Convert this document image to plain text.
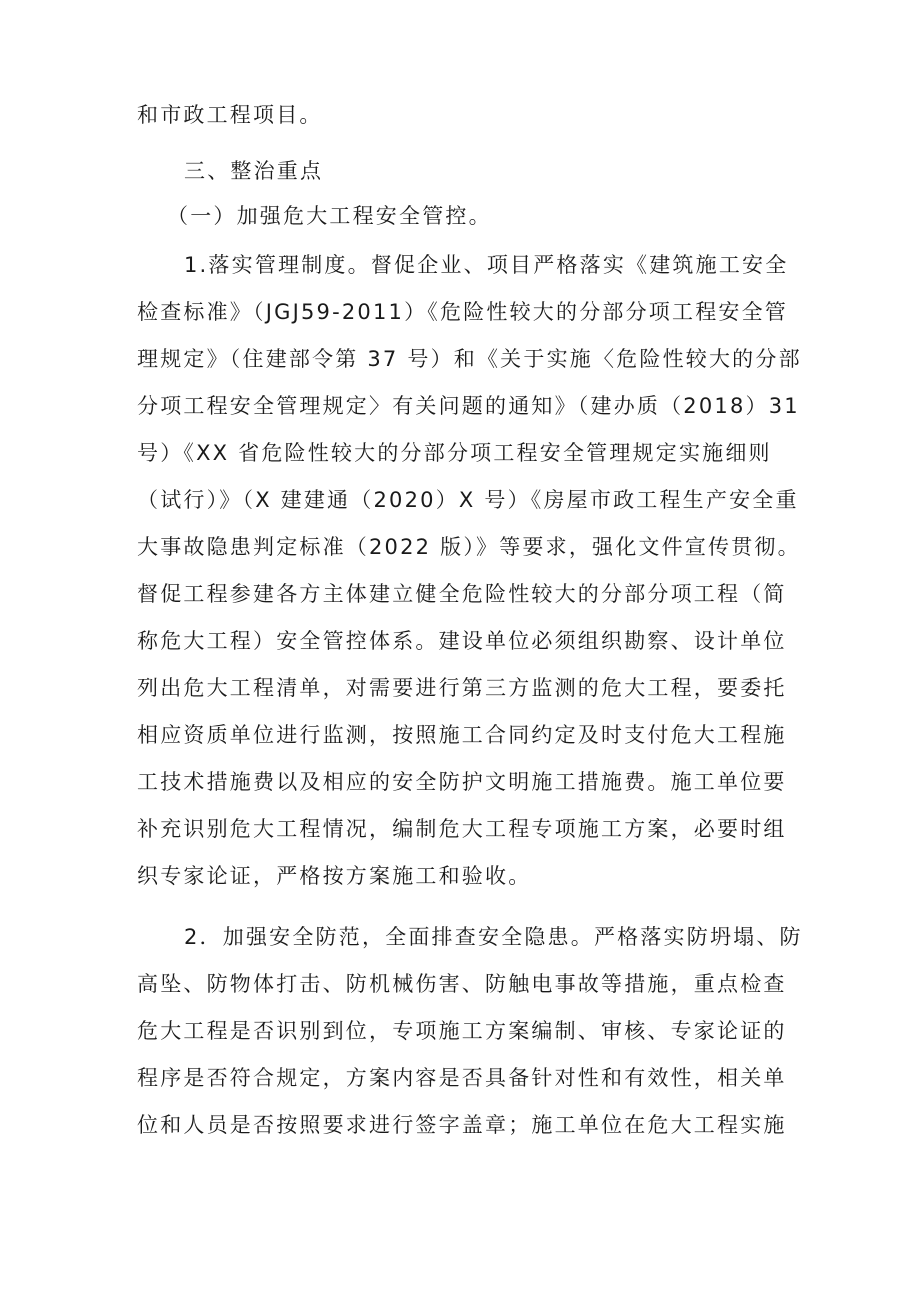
和市政工程项目。
三、整治重点
（一）加强危大工程安全管控。
1.落实管理制度。督促企业、项目严格落实《建筑施工安全
检查标准》（JGJ59-2011）《危险性较大的分部分项工程安全管
理规定》（住建部令第 37 号）和《关于实施〈危险性较大的分部
分项工程安全管理规定〉有关问题的通知》（建办质（2018）31
号）《XX 省危险性较大的分部分项工程安全管理规定实施细则
（试行）》（X 建建通（2020）X 号）《房屋市政工程生产安全重
大事故隐患判定标准（2022 版）》等要求，强化文件宣传贯彻。
督促工程参建各方主体建立健全危险性较大的分部分项工程（简
称危大工程）安全管控体系。建设单位必须组织勘察、设计单位
列出危大工程清单，对需要进行第三方监测的危大工程，要委托
相应资质单位进行监测，按照施工合同约定及时支付危大工程施
工技术措施费以及相应的安全防护文明施工措施费。施工单位要
补充识别危大工程情况，编制危大工程专项施工方案，必要时组
织专家论证，严格按方案施工和验收。
2．加强安全防范，全面排查安全隐患。严格落实防坍塌、防
高坠、防物体打击、防机械伤害、防触电事故等措施，重点检查
危大工程是否识别到位，专项施工方案编制、审核、专家论证的
程序是否符合规定，方案内容是否具备针对性和有效性，相关单
位和人员是否按照要求进行签字盖章；施工单位在危大工程实施
